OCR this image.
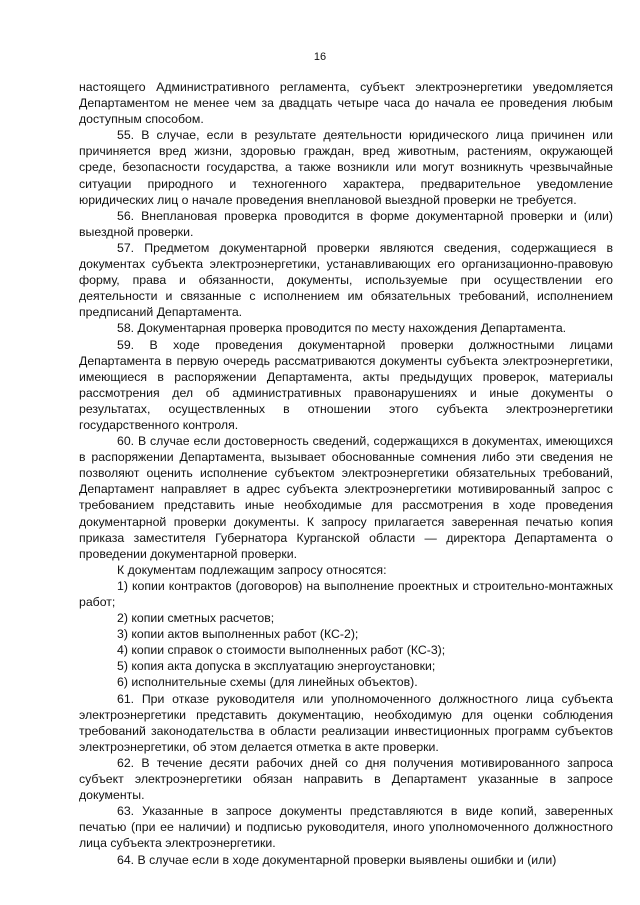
16

настоящего Административного регламента, субъект электроэнергетики уведомляется Департаментом не менее чем за двадцать четыре часа до начала ее проведения любым доступным способом.

55. В случае, если в результате деятельности юридического лица причинен или причиняется вред жизни, здоровью граждан, вред животным, растениям, окружающей среде, безопасности государства, а также возникли или могут возникнуть чрезвычайные ситуации природного и техногенного характера, предварительное уведомление юридических лиц о начале проведения внеплановой выездной проверки не требуется.

56. Внеплановая проверка проводится в форме документарной проверки и (или) выездной проверки.

57. Предметом документарной проверки являются сведения, содержащиеся в документах субъекта электроэнергетики, устанавливающих его организационно-правовую форму, права и обязанности, документы, используемые при осуществлении его деятельности и связанные с исполнением им обязательных требований, исполнением предписаний Департамента.

58. Документарная проверка проводится по месту нахождения Департамента.

59. В ходе проведения документарной проверки должностными лицами Департамента в первую очередь рассматриваются документы субъекта электроэнергетики, имеющиеся в распоряжении Департамента, акты предыдущих проверок, материалы рассмотрения дел об административных правонарушениях и иные документы о результатах, осуществленных в отношении этого субъекта электроэнергетики государственного контроля.

60. В случае если достоверность сведений, содержащихся в документах, имеющихся в распоряжении Департамента, вызывает обоснованные сомнения либо эти сведения не позволяют оценить исполнение субъектом электроэнергетики обязательных требований, Департамент направляет в адрес субъекта электроэнергетики мотивированный запрос с требованием представить иные необходимые для рассмотрения в ходе проведения документарной проверки документы. К запросу прилагается заверенная печатью копия приказа заместителя Губернатора Курганской области — директора Департамента о проведении документарной проверки.

К документам подлежащим запросу относятся:

1) копии контрактов (договоров) на выполнение проектных и строительно-монтажных работ;

2) копии сметных расчетов;

3) копии актов выполненных работ (КС-2);

4) копии справок о стоимости выполненных работ (КС-3);

5) копия акта допуска в эксплуатацию энергоустановки;

6) исполнительные схемы (для линейных объектов).

61. При отказе руководителя или уполномоченного должностного лица субъекта электроэнергетики представить документацию, необходимую для оценки соблюдения требований законодательства в области реализации инвестиционных программ субъектов электроэнергетики, об этом делается отметка в акте проверки.

62. В течение десяти рабочих дней со дня получения мотивированного запроса субъект электроэнергетики обязан направить в Департамент указанные в запросе документы.

63. Указанные в запросе документы представляются в виде копий, заверенных печатью (при ее наличии) и подписью руководителя, иного уполномоченного должностного лица субъекта электроэнергетики.

64. В случае если в ходе документарной проверки выявлены ошибки и (или)
